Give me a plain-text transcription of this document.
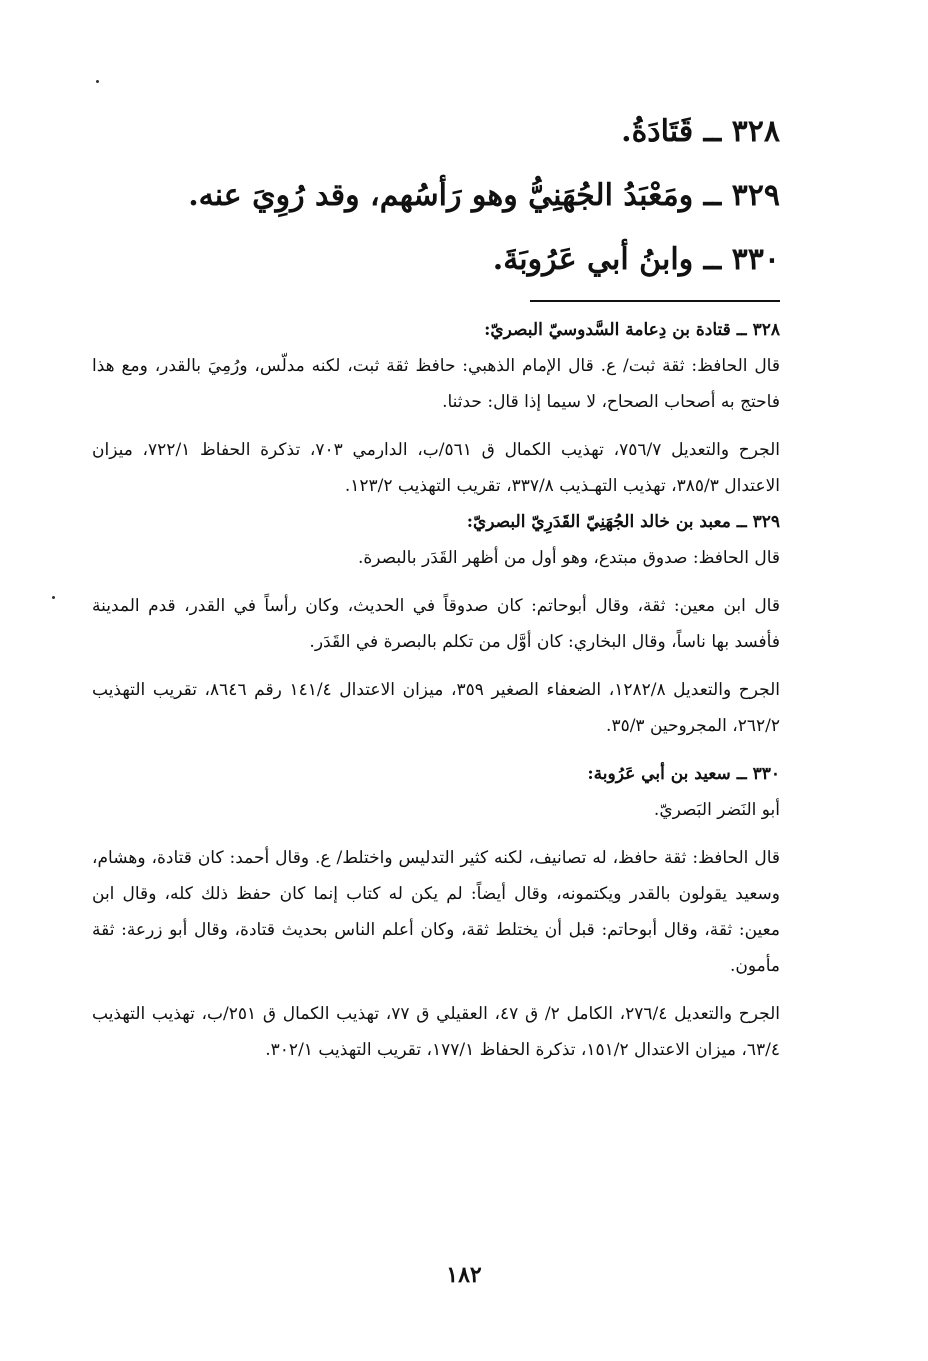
٣٢٨ ــ قَتَادَةُ.

٣٢٩ ــ ومَعْبَدُ الجُهَنِيُّ وهو رَأسُهم، وقد رُوِيَ عنه.

٣٣٠ ــ وابنُ أبي عَرُوبَةَ.

٣٢٨ ــ قتادة بن دِعامة السَّدوسيّ البصريّ:

قال الحافظ: ثقة ثبت/ ع. قال الإمام الذهبي: حافظ ثقة ثبت، لكنه مدلّس، ورُمِيَ بالقدر، ومع هذا فاحتج به أصحاب الصحاح، لا سيما إذا قال: حدثنا.

الجرح والتعديل ٧٥٦/٧، تهذيب الكمال ق ٥٦١/ب، الدارمي ٧٠٣، تذكرة الحفاظ ٧٢٢/١، ميزان الاعتدال ٣٨٥/٣، تهذيب التهـذيب ٣٣٧/٨، تقريب التهذيب ١٢٣/٢.

٣٢٩ ــ معبد بن خالد الجُهَنِيّ القَدَرِيّ البصريّ:

قال الحافظ: صدوق مبتدع، وهو أول من أظهر القَدَر بالبصرة.

قال ابن معين: ثقة، وقال أبوحاتم: كان صدوقاً في الحديث، وكان رأساً في القدر، قدم المدينة فأفسد بها ناساً، وقال البخاري: كان أوَّل من تكلم بالبصرة في القَدَر.

الجرح والتعديل ١٢٨٢/٨، الضعفاء الصغير ٣٥٩، ميزان الاعتدال ١٤١/٤ رقم ٨٦٤٦، تقريب التهذيب ٢٦٢/٢، المجروحين ٣٥/٣.

٣٣٠ ــ سعيد بن أبي عَرُوبة:

أبو النَضر البَصريّ.

قال الحافظ: ثقة حافظ، له تصانيف، لكنه كثير التدليس واختلط/ ع. وقال أحمد: كان قتادة، وهشام، وسعيد يقولون بالقدر ويكتمونه، وقال أيضاً: لم يكن له كتاب إنما كان حفظ ذلك كله، وقال ابن معين: ثقة، وقال أبوحاتم: قبل أن يختلط ثقة، وكان أعلم الناس بحديث قتادة، وقال أبو زرعة: ثقة مأمون.

الجرح والتعديل ٢٧٦/٤، الكامل ٢/ ق ٤٧، العقيلي ق ٧٧، تهذيب الكمال ق ٢٥١/ب، تهذيب التهذيب ٦٣/٤، ميزان الاعتدال ١٥١/٢، تذكرة الحفاظ ١٧٧/١، تقريب التهذيب ٣٠٢/١.

١٨٢
